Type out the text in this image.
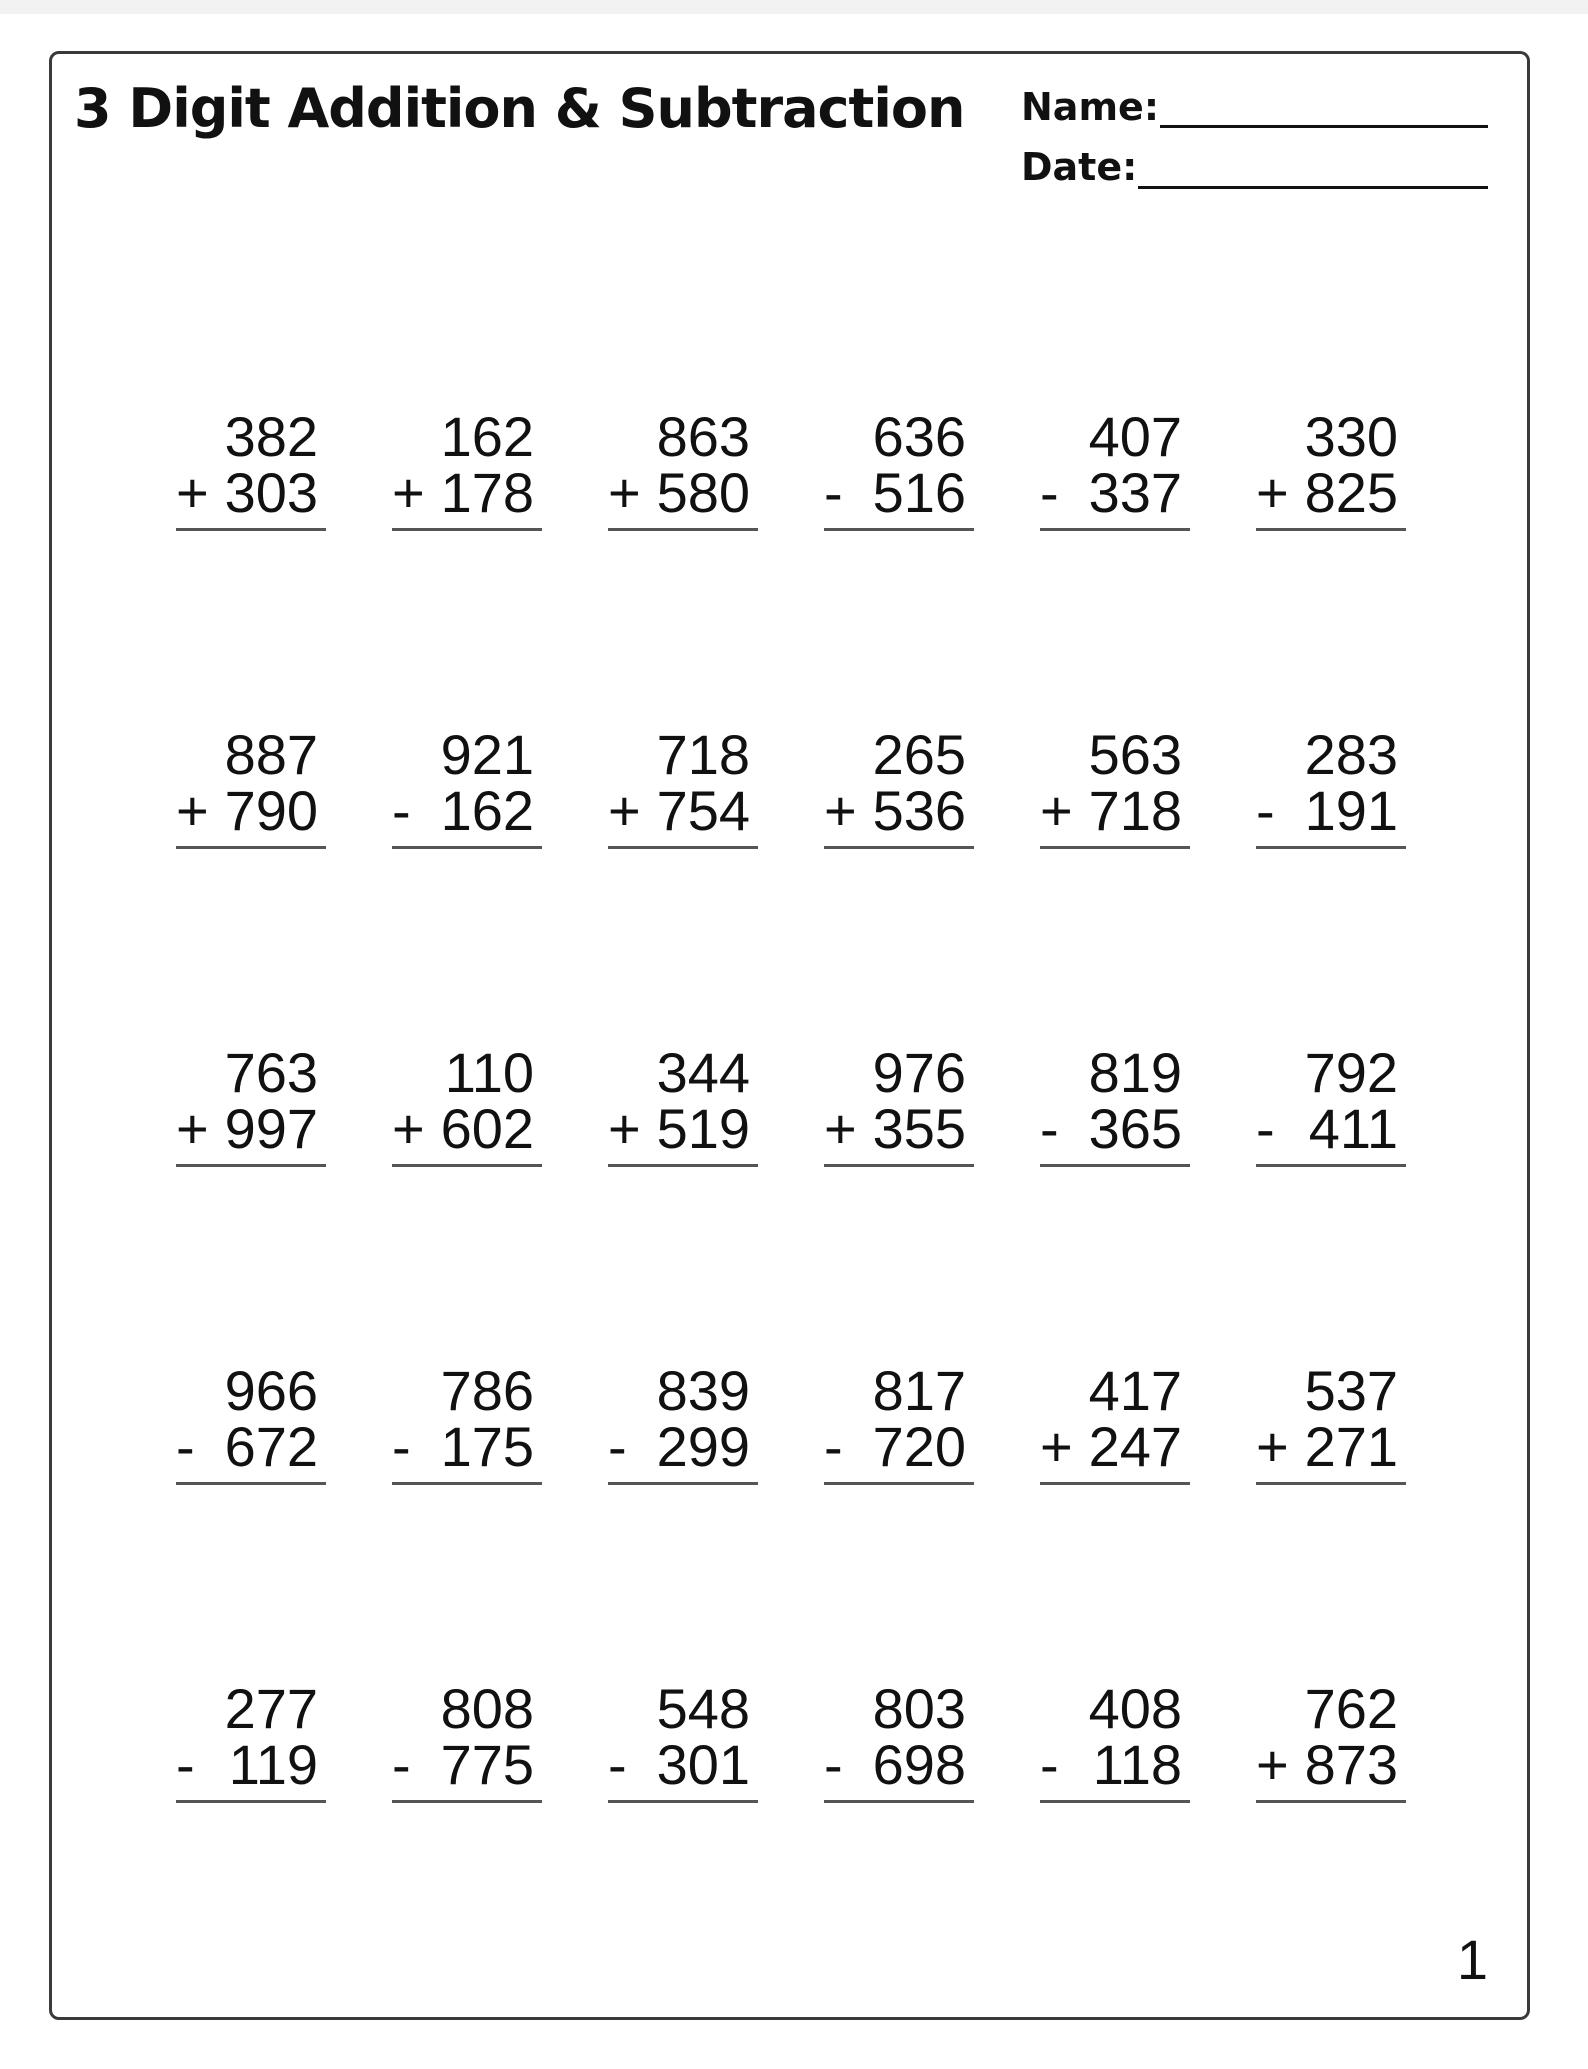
3 Digit Addition & Subtraction Name:
Date:
382
+ 303
162
+ 178
863
+ 580
636
- 516
407
- 337
330
+ 825
887
+ 790
921
- 162
718
+ 754
265
+ 536
563
+ 718
283
- 191
763
+ 997
110
+ 602
344
+ 519
976
+ 355
819
- 365
792
- 411
966
- 672
786
- 175
839
- 299
817
- 720
417
+ 247
537
+ 271
277
- 119
808
- 775
548
- 301
803
- 698
408
- 118
762
+ 873
1
